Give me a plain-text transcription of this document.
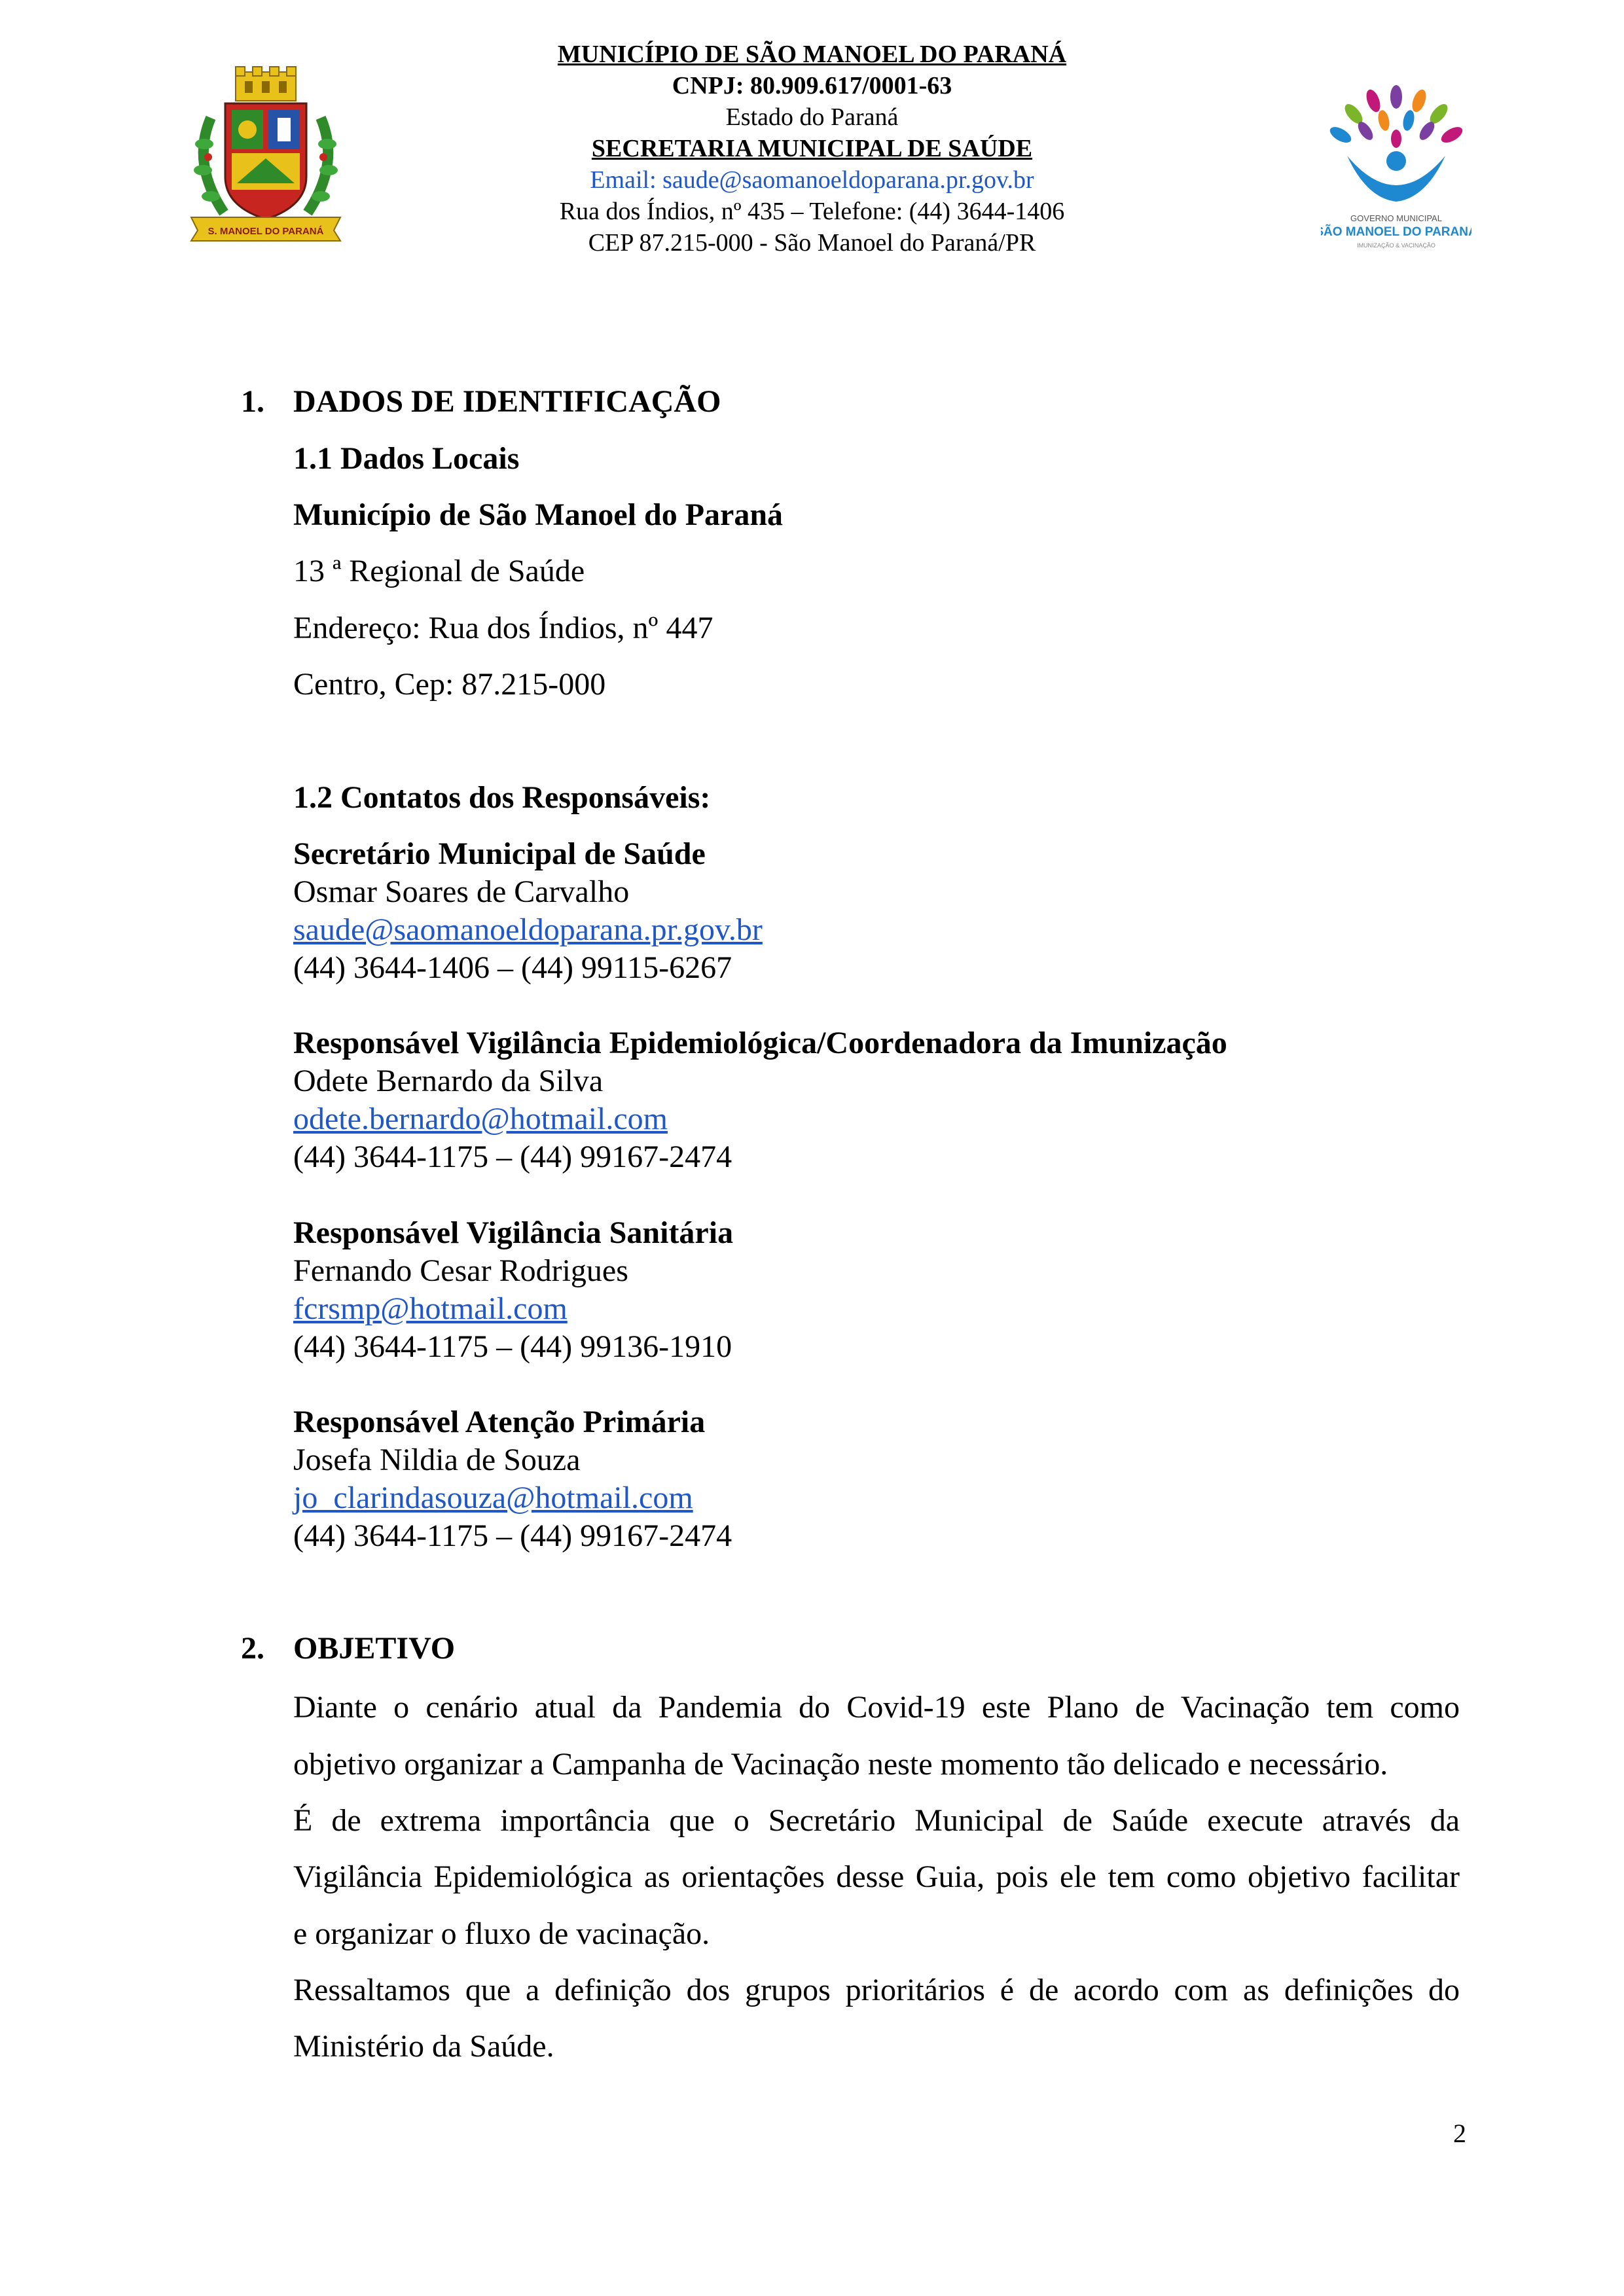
S. MANOEL DO PARANÁ
MUNICÍPIO DE SÃO MANOEL DO PARANÁ
CNPJ: 80.909.617/0001-63
Estado do Paraná
SECRETARIA MUNICIPAL DE SAÚDE
Email: saude@saomanoeldoparana.pr.gov.br
Rua dos Índios, nº 435 – Telefone: (44) 3644-1406
CEP 87.215-000 - São Manoel do Paraná/PR
GOVERNO MUNICIPAL
SÃO MANOEL DO PARANÁ
IMUNIZAÇÃO & VACINAÇÃO
1. DADOS DE IDENTIFICAÇÃO
1.1 Dados Locais
Município de São Manoel do Paraná
13 ª Regional de Saúde
Endereço: Rua dos Índios, nº 447
Centro, Cep: 87.215-000
1.2 Contatos dos Responsáveis:
Secretário Municipal de Saúde
Osmar Soares de Carvalho
saude@saomanoeldoparana.pr.gov.br
(44) 3644-1406 – (44) 99115-6267
Responsável Vigilância Epidemiológica/Coordenadora da Imunização
Odete Bernardo da Silva
odete.bernardo@hotmail.com
(44) 3644-1175 – (44) 99167-2474
Responsável Vigilância Sanitária
Fernando Cesar Rodrigues
fcrsmp@hotmail.com
(44) 3644-1175 – (44) 99136-1910
Responsável Atenção Primária
Josefa Nildia de Souza
jo_clarindasouza@hotmail.com
(44) 3644-1175 – (44) 99167-2474
2. OBJETIVO
Diante o cenário atual da Pandemia do Covid-19 este Plano de Vacinação tem como
objetivo organizar a Campanha de Vacinação neste momento tão delicado e necessário.
É de extrema importância que o Secretário Municipal de Saúde execute através da
Vigilância Epidemiológica as orientações desse Guia, pois ele tem como objetivo facilitar
e organizar o fluxo de vacinação.
Ressaltamos que a definição dos grupos prioritários é de acordo com as definições do
Ministério da Saúde.
2
